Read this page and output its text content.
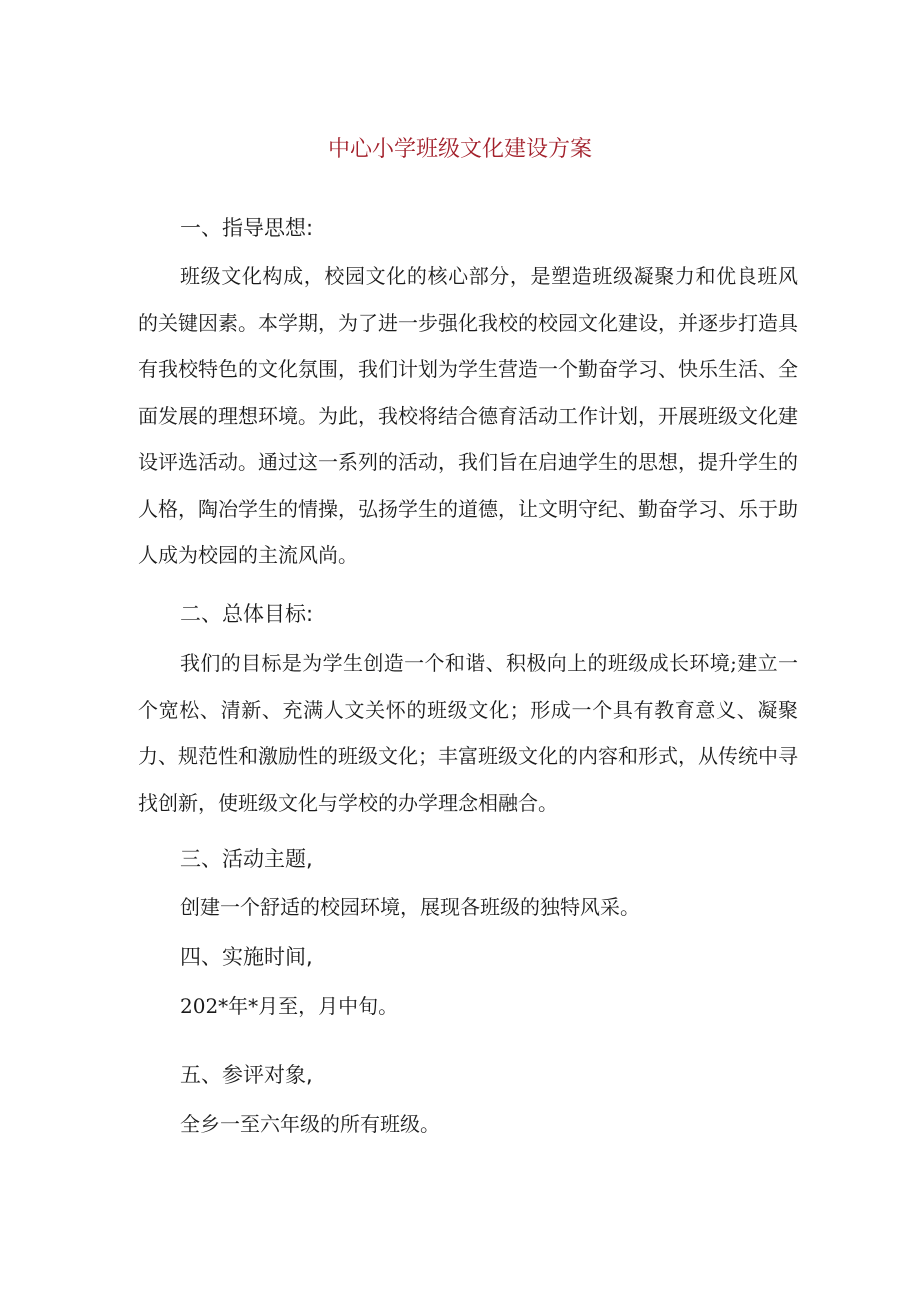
中心小学班级文化建设方案
一、指导思想:

班级文化构成，校园文化的核心部分，是塑造班级凝聚力和优良班风的关键因素。本学期，为了进一步强化我校的校园文化建设，并逐步打造具有我校特色的文化氛围，我们计划为学生营造一个勤奋学习、快乐生活、全面发展的理想环境。为此，我校将结合德育活动工作计划，开展班级文化建设评选活动。通过这一系列的活动，我们旨在启迪学生的思想，提升学生的人格，陶冶学生的情操，弘扬学生的道德，让文明守纪、勤奋学习、乐于助人成为校园的主流风尚。

二、总体目标:

我们的目标是为学生创造一个和谐、积极向上的班级成长环境;建立一个宽松、清新、充满人文关怀的班级文化；形成一个具有教育意义、凝聚力、规范性和激励性的班级文化；丰富班级文化的内容和形式，从传统中寻找创新，使班级文化与学校的办学理念相融合。

三、活动主题,

创建一个舒适的校园环境，展现各班级的独特风采。

四、实施时间,

202*年*月至，月中旬。

五、参评对象,

全乡一至六年级的所有班级。
